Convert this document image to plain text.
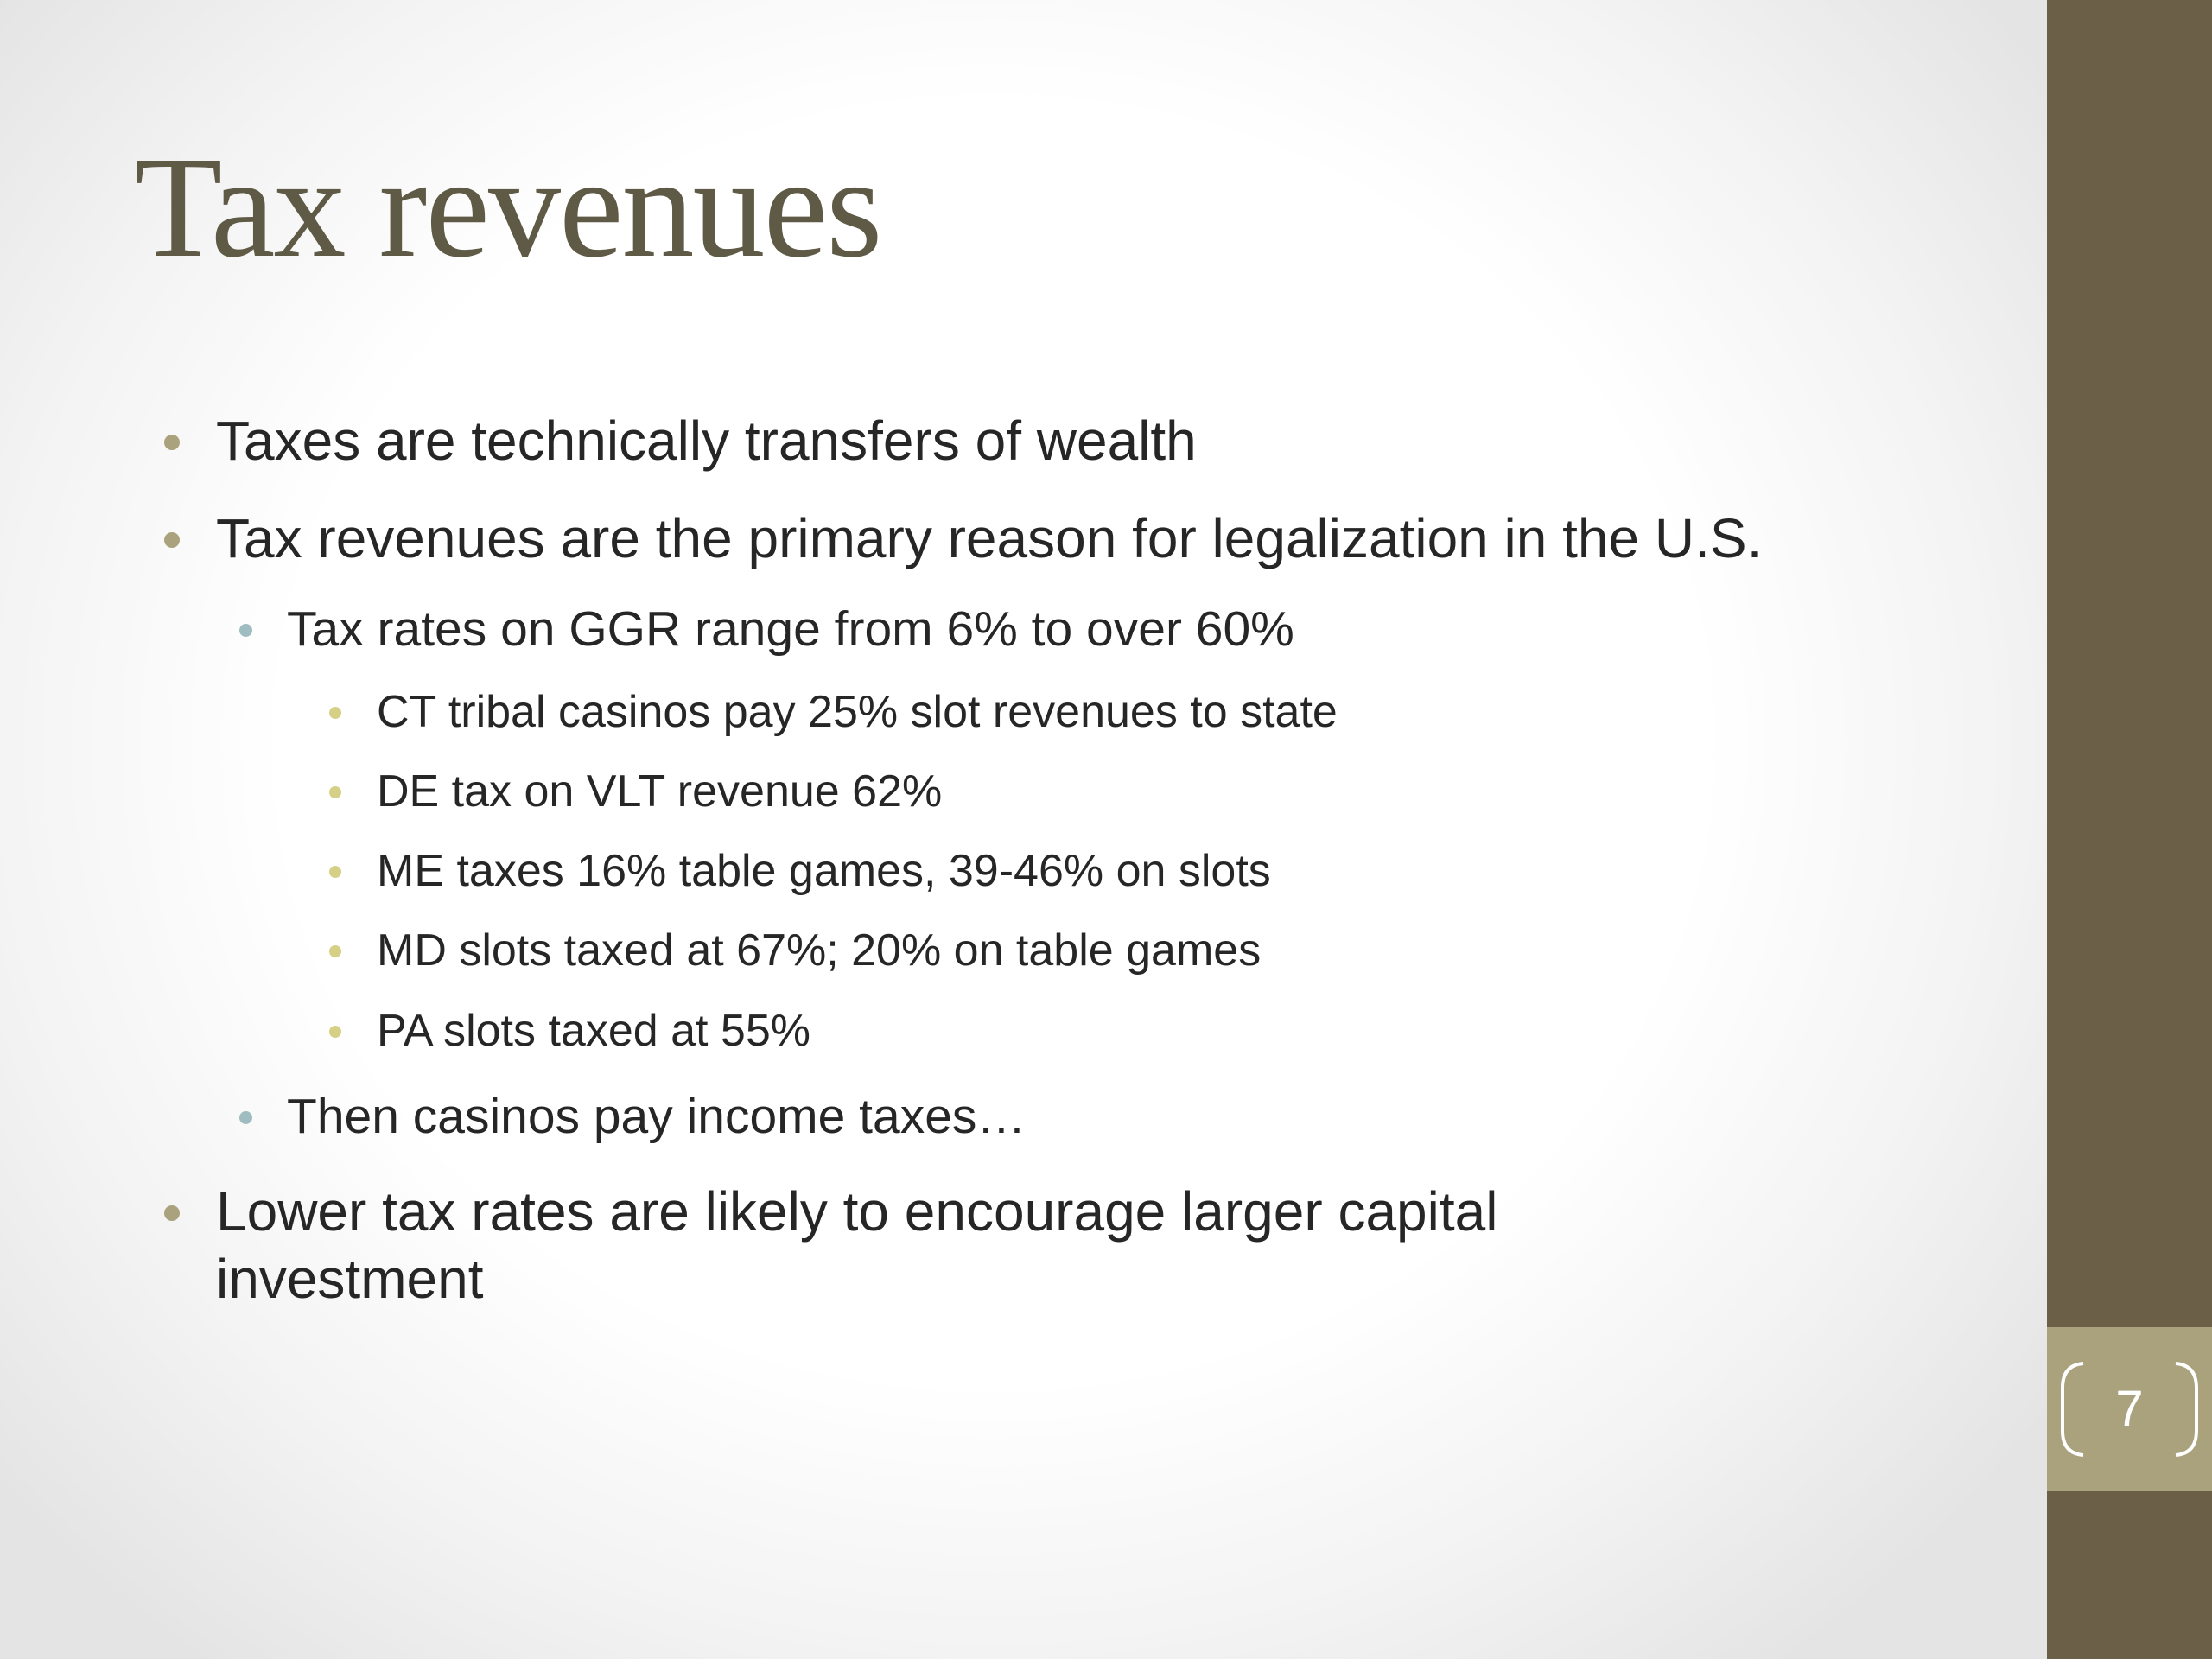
7
Tax revenues
Taxes are technically transfers of wealth
Tax revenues are the primary reason for legalization in the U.S.
Tax rates on GGR range from 6% to over 60%
CT tribal casinos pay 25% slot revenues to state
DE tax on VLT revenue 62%
ME taxes 16% table games, 39-46% on slots
MD slots taxed at 67%; 20% on table games
PA slots taxed at 55%
Then casinos pay income taxes…
Lower tax rates are likely to encourage larger capital investment
